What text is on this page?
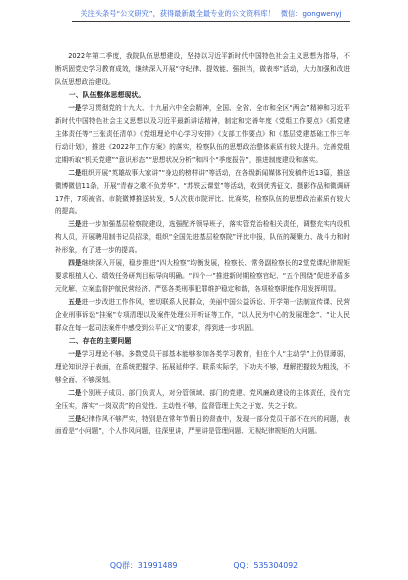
关注头条号“公文研究”，获得最新最全最专业的公文资料库！ 微信：gongwenyj

2022年第二季度，我院队伍思想建设，坚持以习近平新时代中国特色社会主义思想为指导，不断巩固党史学习教育成效，继续深入开展“守纪律、提效能、强担当，做表率”活动，大力加强和改进队伍思想政治建设。

一、队伍整体思想现状。

一是学习贯彻党的十九大、十九届六中全会精神，全国、全省、全市和全区“两会”精神和习近平新时代中国特色社会主义思想以及习近平最新讲话精神，制定和完善年度《党组工作要点》《抓党建主体责任等“三张责任清单》《党组理论中心学习安排》《支部工作要点》和《基层党建基础工作三年行动计划》，推进《2022年工作方案》的落实，检察队伍的思想政治整体素质有较大提升。完善党组定期听取“机关党建”“意识形态”“思想状况分析”和四个“季度报告”，推进制度建设和落实。

二是组织开展“英雄故事大家讲”“身边的榜样讲”等活动，在各级新闻媒体刊发稿件近13篇，推送微博微信11条，开展“青春之歌不负芳华”、“苏铁云课堂”等活动，收到优秀征文、摄影作品和微调研17件，7项被省、市院微博推送转发，5人次获市院评比、比赛奖，检察队伍的思想政治素质有较大的提高。

三是进一步加强基层检察院建设，选强配齐领导班子，落实管党治检相关责任，调整充实内设机构人员，开展聘用制书记员招录，组织“全国先进基层检察院”评比申报，队伍的凝聚力、战斗力和时补形象，有了进一步的提高。

四是继续深入开展，稳步推进“四大检察”均衡发展，检察长、常务副检察长的2堂党课纪律规矩要求根植人心、绩效任务研判目标导向明确。“四个一”推进新时期检察官纪、“五个围绕”促进矛盾多元化解、立案监督护航民营经济、严惩各类刑事犯罪维护稳定和谐，各项检察职能作用发挥明显。

五是进一步改进工作作风，密切联系人民群众，美丽中国公益诉讼、开学第一法制宣传课、民营企业刑事诉讼“挂案”专项清理以及案件处理公开听证等工作，“以人民为中心的发展理念”、“让人民群众在每一起司法案件中感受到公平正义”的要求，得到进一步巩固。

二、存在的主要问题

一是学习理论不够。多数党员干部基本能够参加各类学习教育，但在个人“主动学”上仍显薄弱，理论知识浮于表面，在系统把握学、拓展延伸学、联系实际学，下功夫不够，理解把握较为粗浅，不够全面、不够深刻。

二是个别班子成员、部门负责人，对分管领域、部门的党建、党风廉政建设的主体责任，没有完全压实，落实“一岗双责”的自觉性、主动性不够，监督管理上失之于宽、失之于软。

三是纪律作风不够严实，特别是在常年节假日的督查中，发现一部分党员干部不在兴的问题，表面看是“小问题”，个人作风问题，往深里讲，严里讲是管理问题、无视纪律规矩的大问题。

QQ群：31991489	QQ：535304092
